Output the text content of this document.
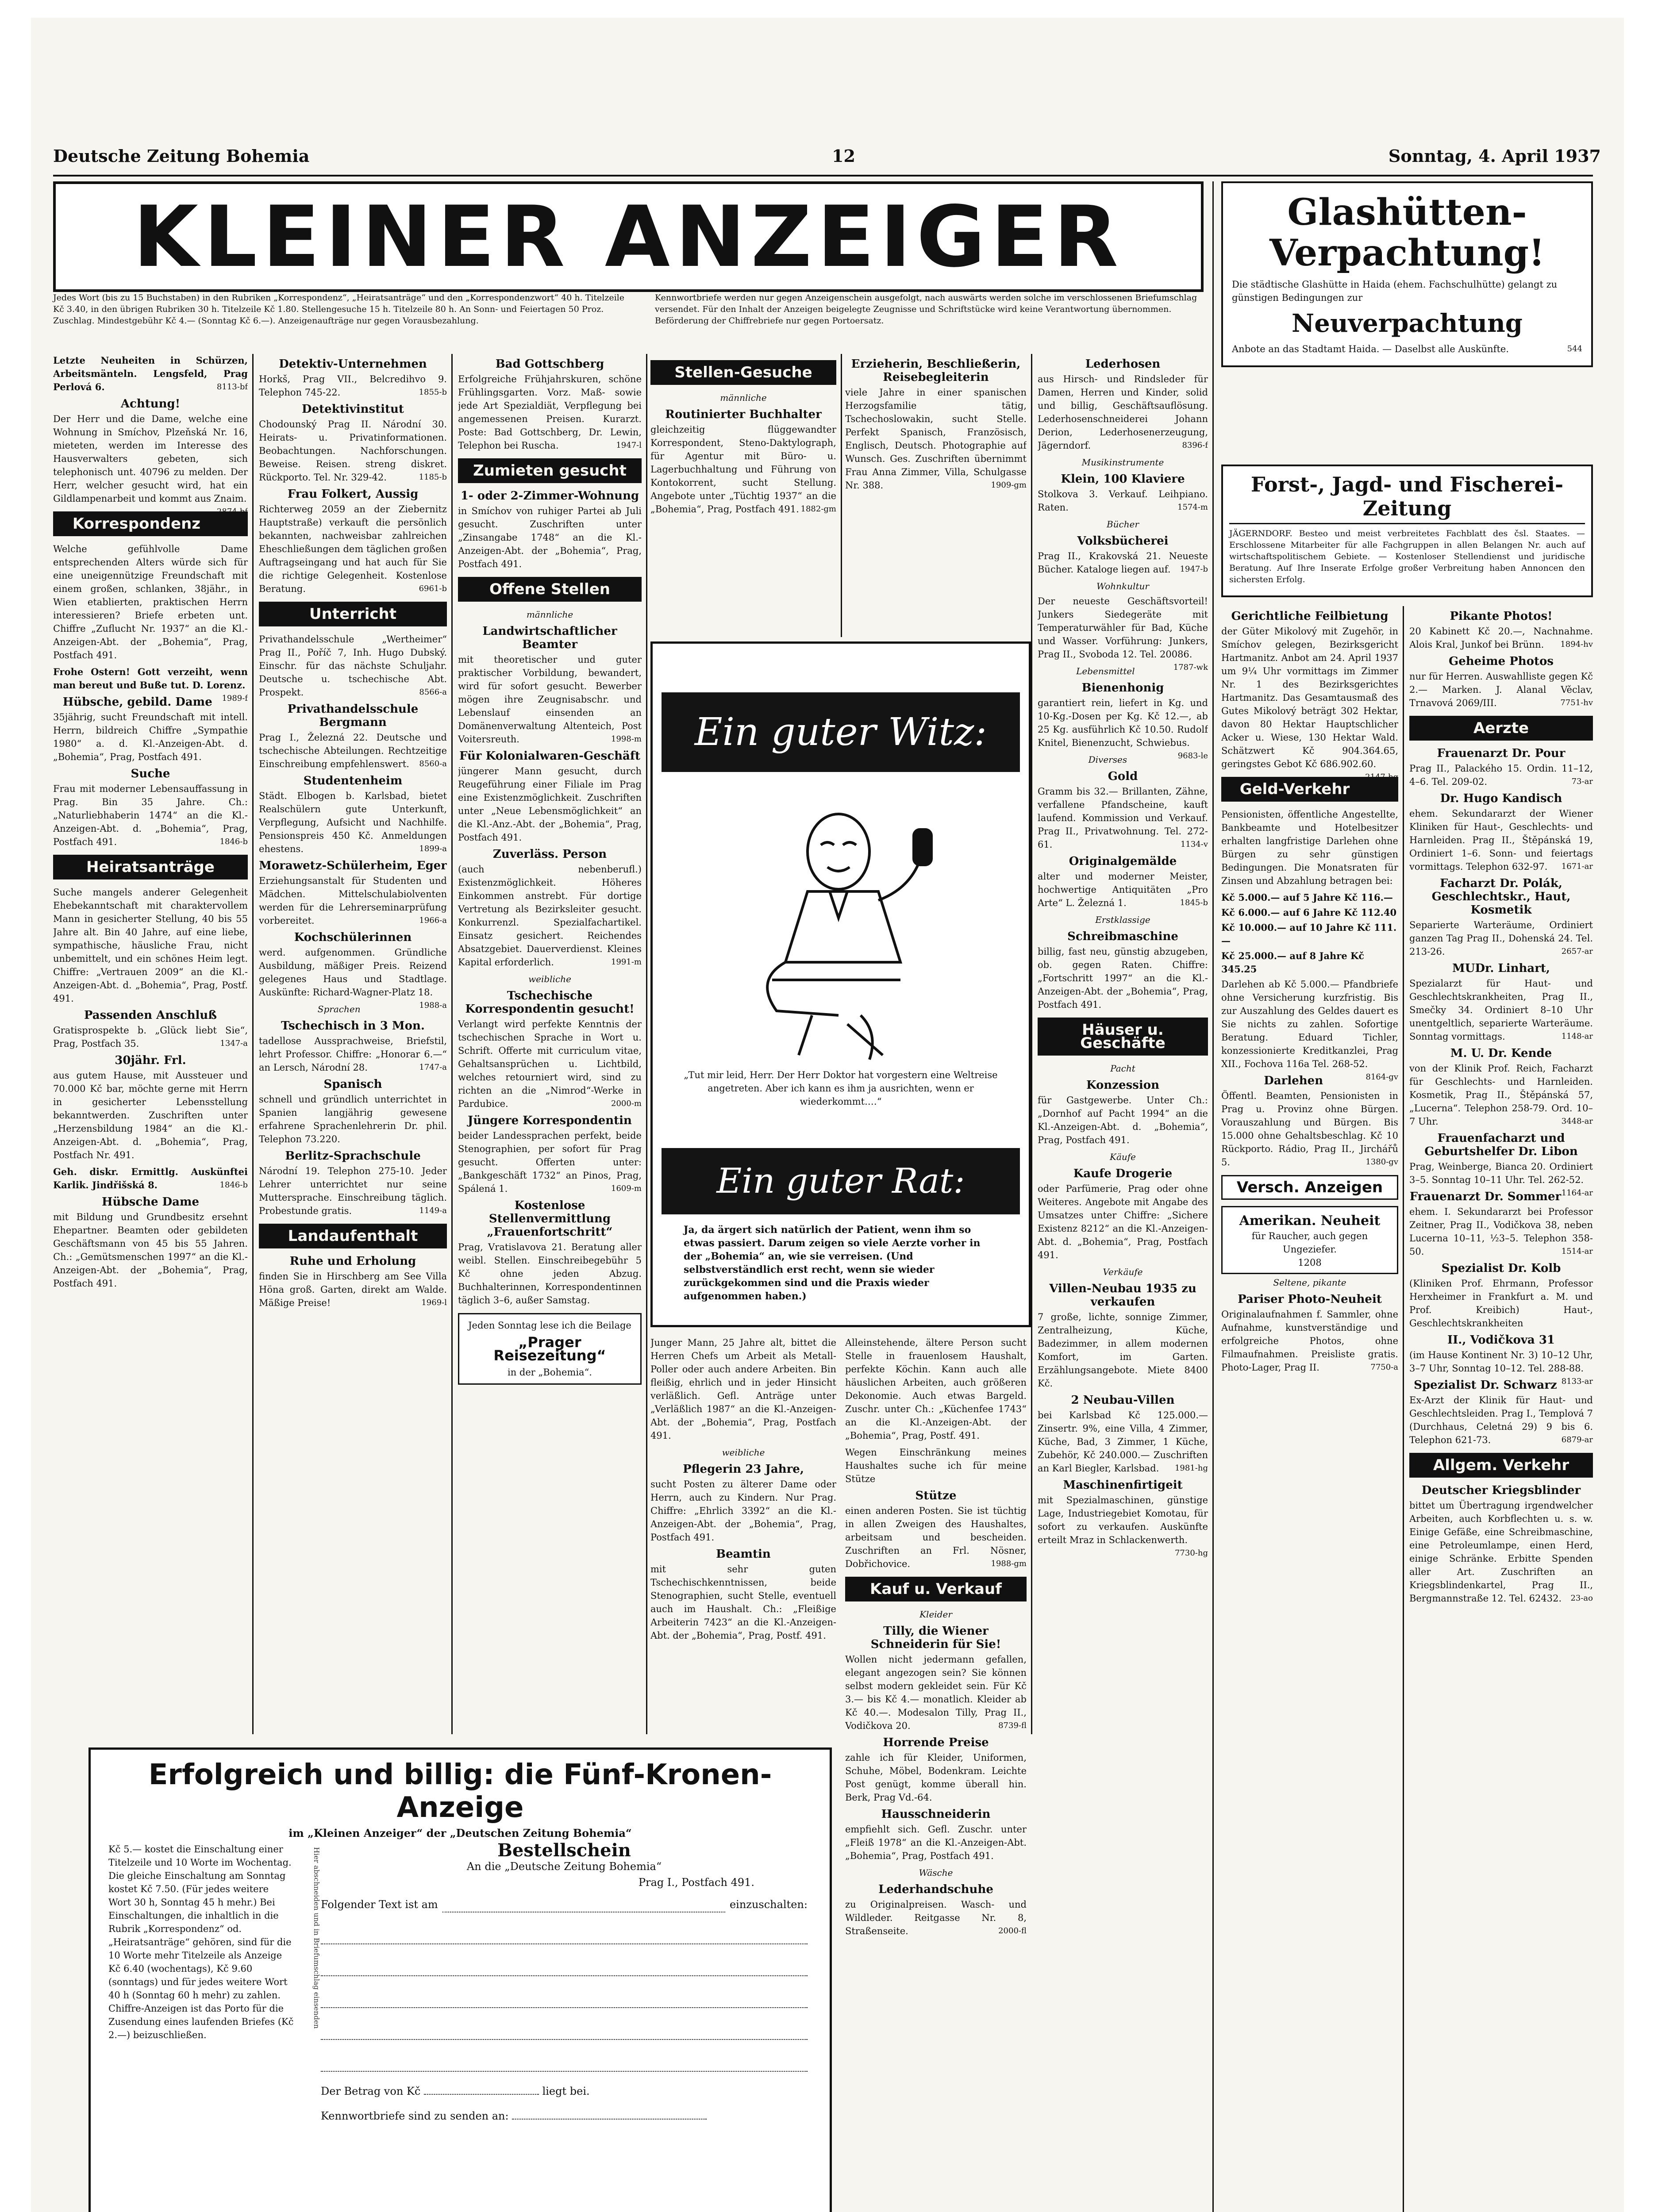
Deutsche Zeitung Bohemia	12	Sonntag, 4. April 1937
KLEINER ANZEIGER
Jedes Wort (bis zu 15 Buchstaben) in den Rubriken „Korrespondenz“, „Heiratsanträge“ und den „Korrespondenzwort“ 40 h. Titelzeile Kč 3.40, in den übrigen Rubriken 30 h. Titelzeile Kč 1.80. Stellengesuche 15 h. Titelzeile 80 h. An Sonn- und Feiertagen 50 Proz. Zuschlag. Mindestgebühr Kč 4.— (Sonntag Kč 6.—). Anzeigenaufträge nur gegen Vorausbezahlung.
Kennwortbriefe werden nur gegen Anzeigenschein ausgefolgt, nach auswärts werden solche im verschlossenen Briefumschlag versendet. Für den Inhalt der Anzeigen beigelegte Zeugnisse und Schriftstücke wird keine Verantwortung übernommen. Beförderung der Chiffrebriefe nur gegen Portoersatz.
Glashütten-Verpachtung!
Die städtische Glashütte in Haida (ehem. Fachschulhütte) gelangt zu günstigen Bedingungen zur
Neuverpachtung
Anbote an das Stadtamt Haida. — Daselbst alle Auskünfte.	544
Forst-, Jagd- und Fischerei-Zeitung
JÄGERNDORF. Besteo und meist verbreitetes Fachblatt des čsl. Staates. — Erschlossene Mitarbeiter für alle Fachgruppen in allen Belangen Nr. auch auf wirtschaftspolitischem Gebiete. — Kostenloser Stellendienst und juridische Beratung. Auf Ihre Inserate Erfolge großer Verbreitung haben Annoncen den sichersten Erfolg.

Letzte Neuheiten in Schürzen, Arbeitsmänteln. Lengsfeld, Prag Perlová 6.	8113-bf

Achtung!

Der Herr und die Dame, welche eine Wohnung in Smíchov, Plzeňská Nr. 16, mieteten, werden im Interesse des Hausverwalters gebeten, sich telephonisch unt. 40796 zu melden. Der Herr, welcher gesucht wird, hat ein Gildlampenarbeit und kommt aus Znaim.
2874-bf

Korrespondenz

Welche gefühlvolle Dame entsprechenden Alters würde sich für eine uneigennützige Freundschaft mit einem großen, schlanken, 38jähr., in Wien etablierten, praktischen Herrn interessieren? Briefe erbeten unt. Chiffre „Zuflucht Nr. 1937“ an die Kl.-Anzeigen-Abt. der „Bohemia“, Prag, Postfach 491.

Frohe Ostern! Gott verzeiht, wenn man bereut und Buße tut. D. Lorenz.
1989-f

Hübsche, gebild. Dame

35jährig, sucht Freundschaft mit intell. Herrn, bildreich Chiffre „Sympathie 1980“ a. d. Kl.-Anzeigen-Abt. d. „Bohemia“, Prag, Postfach 491.

Suche

Frau mit moderner Lebensauffassung in Prag. Bin 35 Jahre. Ch.: „Naturliebhaberin 1474“ an die Kl.-Anzeigen-Abt. d. „Bohemia“, Prag, Postfach 491.	1846-b

Heiratsanträge

Suche mangels anderer Gelegenheit Ehebekanntschaft mit charaktervollem Mann in gesicherter Stellung, 40 bis 55 Jahre alt. Bin 40 Jahre, auf eine liebe, sympathische, häusliche Frau, nicht unbemittelt, und ein schönes Heim legt. Chiffre: „Vertrauen 2009“ an die Kl.-Anzeigen-Abt. d. „Bohemia“, Prag, Postf. 491.

Passenden Anschluß

Gratisprospekte b. „Glück liebt Sie“, Prag, Postfach 35.	1347-a

30jähr. Frl.

aus gutem Hause, mit Aussteuer und 70.000 Kč bar, möchte gerne mit Herrn in gesicherter Lebensstellung bekanntwerden. Zuschriften unter „Herzensbildung 1984“ an die Kl.-Anzeigen-Abt. d. „Bohemia“, Prag, Postfach Nr. 491.

Geh. diskr. Ermittlg. Auskünftei Karlik. Jindřišská 8.	1846-b

Hübsche Dame

mit Bildung und Grundbesitz ersehnt Ehepartner. Beamten oder gebildeten Geschäftsmann von 45 bis 55 Jahren. Ch.: „Gemütsmenschen 1997“ an die Kl.-Anzeigen-Abt. der „Bohemia“, Prag, Postfach 491.

Detektiv-Unternehmen

Horkš, Prag VII., Belcredihvo 9. Telephon 745-22.	1855-b

Detektivinstitut

Chodounský Prag II. Národní 30. Heirats- u. Privatinformationen. Beobachtungen. Nachforschungen. Beweise. Reisen. streng diskret. Rückporto. Tel. Nr. 329-42.	1185-b

Frau Folkert, Aussig

Richterweg 2059 an der Ziebernitz Hauptstraße) verkauft die persönlich bekannten, nachweisbar zahlreichen Eheschließungen dem täglichen großen Auftragseingang und hat auch für Sie die richtige Gelegenheit. Kostenlose Beratung.	6961-b

Unterricht

Privathandelsschule „Wertheimer“ Prag II., Poříč 7, Inh. Hugo Dubský. Einschr. für das nächste Schuljahr. Deutsche u. tschechische Abt. Prospekt.	8566-a

Privathandelsschule Bergmann

Prag I., Železná 22. Deutsche und tschechische Abteilungen. Rechtzeitige Einschreibung empfehlenswert. 8560-a

Studentenheim

Städt. Elbogen b. Karlsbad, bietet Realschülern gute Unterkunft, Verpflegung, Aufsicht und Nachhilfe. Pensionspreis 450 Kč. Anmeldungen ehestens.	1899-a

Morawetz-Schülerheim, Eger

Erziehungsanstalt für Studenten und Mädchen. Mittelschulabiolventen werden für die Lehrerseminarprüfung vorbereitet.	1966-a

Kochschülerinnen

werd. aufgenommen. Gründliche Ausbildung, mäßiger Preis. Reizend gelegenes Haus und Stadtlage. Auskünfte: Richard-Wagner-Platz 18.
1988-a

Sprachen
Tschechisch in 3 Mon.

tadellose Aussprachweise, Briefstil, lehrt Professor. Chiffre: „Honorar 6.—“ an Lersch, Národní 28.	1747-a

Spanisch

schnell und gründlich unterrichtet in Spanien langjährig gewesene erfahrene Sprachenlehrerin Dr. phil. Telephon 73.220.

Berlitz-Sprachschule

Národní 19. Telephon 275-10. Jeder Lehrer unterrichtet nur seine Muttersprache. Einschreibung täglich. Probestunde gratis.	1149-a

Landaufenthalt
Ruhe und Erholung

finden Sie in Hirschberg am See Villa Höna groß. Garten, direkt am Walde. Mäßige Preise!	1969-l

Bad Gottschberg

Erfolgreiche Frühjahrskuren, schöne Frühlingsgarten. Vorz. Maß- sowie jede Art Spezialdiät, Verpflegung bei angemessenen Preisen. Kurarzt. Poste: Bad Gottschberg, Dr. Lewin, Telephon bei Ruscha.	1947-l

Zumieten gesucht
1- oder 2-Zimmer-Wohnung

in Smíchov von ruhiger Partei ab Juli gesucht. Zuschriften unter „Zinsangabe 1748“ an die Kl.-Anzeigen-Abt. der „Bohemia“, Prag, Postfach 491.

Offene Stellen
männliche
Landwirtschaftlicher Beamter

mit theoretischer und guter praktischer Vorbildung, bewandert, wird für sofort gesucht. Bewerber mögen ihre Zeugnisabschr. und Lebenslauf einsenden an Domänenverwaltung Altenteich, Post Voitersreuth.	1998-m

Für Kolonialwaren-Geschäft

jüngerer Mann gesucht, durch Reugeführung einer Filiale im Prag eine Existenzmöglichkeit. Zuschriften unter „Neue Lebensmöglichkeit“ an die Kl.-Anz.-Abt. der „Bohemia“, Prag, Postfach 491.

Zuverläss. Person

(auch nebenberufl.) Existenzmöglichkeit. Höheres Einkommen anstrebt. Für dortige Vertretung als Bezirksleiter gesucht. Konkurrenzl. Spezialfachartikel. Einsatz gesichert. Reichendes Absatzgebiet. Dauerverdienst. Kleines Kapital erforderlich.	1991-m

weibliche
Tschechische Korrespondentin gesucht!

Verlangt wird perfekte Kenntnis der tschechischen Sprache in Wort u. Schrift. Offerte mit curriculum vitae, Gehaltsansprüchen u. Lichtbild, welches retourniert wird, sind zu richten an die „Nimrod“-Werke in Pardubice.	2000-m

Jüngere Korrespondentin

beider Landessprachen perfekt, beide Stenographien, per sofort für Prag gesucht. Offerten unter: „Bankgeschäft 1732“ an Pinos, Prag, Spálená 1.	1609-m

Kostenlose Stellenvermittlung „Frauenfortschritt“

Prag, Vratislavova 21. Beratung aller weibl. Stellen. Einschreibegebühr 5 Kč ohne jeden Abzug. Buchhalterinnen, Korrespondentinnen täglich 3–6, außer Samstag.

Jeden Sonntag lese ich die Beilage
„Prager Reisezeitung“
in der „Bohemia“.
Stellen-Gesuche
männliche
Routinierter Buchhalter

gleichzeitig flüggewandter Korrespondent, Steno-Daktylograph, für Agentur mit Büro- u. Lagerbuchhaltung und Führung von Kontokorrent, sucht Stellung. Angebote unter „Tüchtig 1937“ an die „Bohemia“, Prag, Postfach 491. 1882-gm

Erzieherin, Beschließerin, Reisebegleiterin

viele Jahre in einer spanischen Herzogsfamilie tätig, Tschechoslowakin, sucht Stelle. Perfekt Spanisch, Französisch, Englisch, Deutsch. Photographie auf Wunsch. Ges. Zuschriften übernimmt Frau Anna Zimmer, Villa, Schulgasse Nr. 388.	1909-gm

Ein guter Witz:
„Tut mir leid, Herr. Der Herr Doktor hat vorgestern eine Weltreise angetreten. Aber ich kann es ihm ja ausrichten, wenn er wiederkommt.…“
Ein guter Rat:
Ja, da ärgert sich natürlich der Patient, wenn ihm so etwas passiert. Darum zeigen so viele Aerzte vorher in der „Bohemia“ an, wie sie verreisen. (Und selbstverständlich erst recht, wenn sie wieder zurückgekommen sind und die Praxis wieder aufgenommen haben.)

Junger Mann, 25 Jahre alt, bittet die Herren Chefs um Arbeit als Metall-Poller oder auch andere Arbeiten. Bin fleißig, ehrlich und in jeder Hinsicht verläßlich. Gefl. Anträge unter „Verläßlich 1987“ an die Kl.-Anzeigen-Abt. der „Bohemia“, Prag, Postfach 491.

weibliche
Pflegerin 23 Jahre,

sucht Posten zu älterer Dame oder Herrn, auch zu Kindern. Nur Prag. Chiffre: „Ehrlich 3392“ an die Kl.-Anzeigen-Abt. der „Bohemia“, Prag, Postfach 491.

Beamtin

mit sehr guten Tschechischkenntnissen, beide Stenographien, sucht Stelle, eventuell auch im Haushalt. Ch.: „Fleißige Arbeiterin 7423“ an die Kl.-Anzeigen-Abt. der „Bohemia“, Prag, Postf. 491.

Alleinstehende, ältere Person sucht Stelle in frauenlosem Haushalt, perfekte Köchin. Kann auch alle häuslichen Arbeiten, auch größeren Dekonomie. Auch etwas Bargeld. Zuschr. unter Ch.: „Küchenfee 1743“ an die Kl.-Anzeigen-Abt. der „Bohemia“, Prag, Postf. 491.

Wegen Einschränkung meines Haushaltes suche ich für meine Stütze

Stütze

einen anderen Posten. Sie ist tüchtig in allen Zweigen des Haushaltes, arbeitsam und bescheiden. Zuschriften an Frl. Nösner, Dobřichovice.	1988-gm

Kauf u. Verkauf
Kleider
Tilly, die Wiener Schneiderin für Sie!

Wollen nicht jedermann gefallen, elegant angezogen sein? Sie können selbst modern gekleidet sein. Für Kč 3.— bis Kč 4.— monatlich. Kleider ab Kč 40.—. Modesalon Tilly, Prag II., Vodičkova 20.	8739-fl

Horrende Preise

zahle ich für Kleider, Uniformen, Schuhe, Möbel, Bodenkram. Leichte Post genügt, komme überall hin. Berk, Prag Vd.-64.

Hausschneiderin

empfiehlt sich. Gefl. Zuschr. unter „Fleiß 1978“ an die Kl.-Anzeigen-Abt. „Bohemia“, Prag, Postfach 491.

Wäsche
Lederhandschuhe

zu Originalpreisen. Wasch- und Wildleder. Reitgasse Nr. 8, Straßenseite.	2000-fl

Lederhosen

aus Hirsch- und Rindsleder für Damen, Herren und Kinder, solid und billig, Geschäftsauflösung. Lederhosenschneiderei Johann Derion, Lederhosenerzeugung, Jägerndorf.	8396-f

Musikinstrumente
Klein, 100 Klaviere

Stolkova 3. Verkauf. Leihpiano. Raten.	1574-m

Bücher
Volksbücherei

Prag II., Krakovská 21. Neueste Bücher. Kataloge liegen auf. 1947-b

Wohnkultur

Der neueste Geschäftsvorteil! Junkers Siedegeräte mit Temperaturwähler für Bad, Küche und Wasser. Vorführung: Junkers, Prag II., Svoboda 12. Tel. 20086.
1787-wk

Lebensmittel
Bienenhonig

garantiert rein, liefert in Kg. und 10-Kg.-Dosen per Kg. Kč 12.—, ab 25 Kg. ausführlich Kč 10.50. Rudolf Knitel, Bienenzucht, Schwiebus.
9683-le

Diverses
Gold

Gramm bis 32.— Brillanten, Zähne, verfallene Pfandscheine, kauft laufend. Kommission und Verkauf. Prag II., Privatwohnung. Tel. 272-61.	1134-v

Originalgemälde

alter und moderner Meister, hochwertige Antiquitäten „Pro Arte“ L. Železná 1.	1845-b

Erstklassige
Schreibmaschine

billig, fast neu, günstig abzugeben, ob. gegen Raten. Chiffre: „Fortschritt 1997“ an die Kl.-Anzeigen-Abt. der „Bohemia“, Prag, Postfach 491.

Häuser u. Geschäfte
Pacht
Konzession

für Gastgewerbe. Unter Ch.: „Dornhof auf Pacht 1994“ an die Kl.-Anzeigen-Abt. d. „Bohemia“, Prag, Postfach 491.

Käufe
Kaufe Drogerie

oder Parfümerie, Prag oder ohne Weiteres. Angebote mit Angabe des Umsatzes unter Chiffre: „Sichere Existenz 8212“ an die Kl.-Anzeigen-Abt. d. „Bohemia“, Prag, Postfach 491.

Verkäufe
Villen-Neubau 1935 zu verkaufen

7 große, lichte, sonnige Zimmer, Zentralheizung, Küche, Badezimmer, in allem modernen Komfort, im Garten. Erzählungsangebote. Miete 8400 Kč.

2 Neubau-Villen

bei Karlsbad Kč 125.000.— Zinsertr. 9%, eine Villa, 4 Zimmer, Küche, Bad, 3 Zimmer, 1 Küche, Zubehör, Kč 240.000.— Zuschriften an Karl Biegler, Karlsbad. 1981-hg

Maschinenfirtigeit

mit Spezialmaschinen, günstige Lage, Industriegebiet Komotau, für sofort zu verkaufen. Auskünfte erteilt Mraz in Schlackenwerth.
7730-hg

Gerichtliche Feilbietung

der Güter Mikolový mit Zugehör, in Smíchov gelegen, Bezirksgericht Hartmanitz. Anbot am 24. April 1937 um 9¼ Uhr vormittags im Zimmer Nr. 1 des Bezirksgerichtes Hartmanitz. Das Gesamtausmaß des Gutes Mikolový beträgt 302 Hektar, davon 80 Hektar Hauptschlicher Acker u. Wiese, 130 Hektar Wald. Schätzwert Kč 904.364.65, geringstes Gebot Kč 686.902.60.
2147-bg

Geld-Verkehr

Pensionisten, öffentliche Angestellte, Bankbeamte und Hotelbesitzer erhalten langfristige Darlehen ohne Bürgen zu sehr günstigen Bedingungen. Die Monatsraten für Zinsen und Abzahlung betragen bei:

Kč 5.000.— auf 5 Jahre Kč 116.—
Kč 6.000.— auf 6 Jahre Kč 112.40
Kč 10.000.— auf 10 Jahre Kč 111.—
Kč 25.000.— auf 8 Jahre Kč 345.25

Darlehen ab Kč 5.000.— Pfandbriefe ohne Versicherung kurzfristig. Bis zur Auszahlung des Geldes dauert es Sie nichts zu zahlen. Sofortige Beratung. Eduard Tichler, konzessionierte Kreditkanzlei, Prag XII., Fochova 116a Tel. 268-52.
8164-gv

Darlehen

Öffentl. Beamten, Pensionisten in Prag u. Provinz ohne Bürgen. Vorauszahlung und Bürgen. Bis 15.000 ohne Gehaltsbeschlag. Kč 10 Rückporto. Rádio, Prag II., Jirchářů 5.	1380-gv

Versch. Anzeigen
Amerikan. Neuheit
für Raucher, auch gegen Ungeziefer.
1208
Seltene, pikante
Pariser Photo-Neuheit

Originalaufnahmen f. Sammler, ohne Aufnahme, kunstverständige und erfolgreiche Photos, ohne Filmaufnahmen. Preisliste gratis. Photo-Lager, Prag II.	7750-a

Pikante Photos!

20 Kabinett Kč 20.—, Nachnahme. Alois Kral, Junkof bei Brünn. 1894-hv

Geheime Photos

nur für Herren. Auswahlliste gegen Kč 2.— Marken. J. Alanal Věclav, Trnavová 2069/III.	7751-hv

Aerzte
Frauenarzt Dr. Pour

Prag II., Palackého 15. Ordin. 11–12, 4–6. Tel. 209-02.	73-ar

Dr. Hugo Kandisch

ehem. Sekundararzt der Wiener Kliniken für Haut-, Geschlechts- und Harnleiden. Prag II., Štěpánská 19, Ordiniert 1–6. Sonn- und feiertags vormittags. Telephon 632-97. 1671-ar

Facharzt Dr. Polák, Geschlechtskr., Haut, Kosmetik

Separierte Warteräume, Ordiniert ganzen Tag Prag II., Dohenská 24. Tel. 213-26.	2657-ar

MUDr. Linhart,

Spezialarzt für Haut- und Geschlechtskrankheiten, Prag II., Smečky 34. Ordiniert 8–10 Uhr unentgeltlich, separierte Warteräume. Sonntag vormittags.	1148-ar

M. U. Dr. Kende

von der Klinik Prof. Reich, Facharzt für Geschlechts- und Harnleiden. Kosmetik, Prag II., Štěpánská 57, „Lucerna“. Telephon 258-79. Ord. 10–7 Uhr.	3448-ar

Frauenfacharzt und Geburtshelfer Dr. Libon

Prag, Weinberge, Bianca 20. Ordiniert 3–5. Sonntag 10–11 Uhr. Tel. 262-52.
1164-ar

Frauenarzt Dr. Sommer

ehem. I. Sekundararzt bei Professor Zeitner, Prag II., Vodičkova 38, neben Lucerna 10–11, ½3–5. Telephon 358-50.	1514-ar

Spezialist Dr. Kolb

(Kliniken Prof. Ehrmann, Professor Herxheimer in Frankfurt a. M. und Prof. Kreibich) Haut-, Geschlechtskrankheiten

II., Vodičkova 31

(im Hause Kontinent Nr. 3) 10–12 Uhr, 3–7 Uhr, Sonntag 10–12. Tel. 288-88.
8133-ar

Spezialist Dr. Schwarz

Ex-Arzt der Klinik für Haut- und Geschlechtsleiden. Prag I., Templová 7 (Durchhaus, Celetná 29) 9 bis 6. Telephon 621-73.	6879-ar

Allgem. Verkehr
Deutscher Kriegsblinder

bittet um Übertragung irgendwelcher Arbeiten, auch Korbflechten u. s. w. Einige Gefäße, eine Schreibmaschine, eine Petroleumlampe, einen Herd, einige Schränke. Erbitte Spenden aller Art. Zuschriften an Kriegsblindenkartel, Prag II., Bergmannstraße 12. Tel. 62432. 23-ao

Erfolgreich und billig: die Fünf-Kronen-Anzeige
im „Kleinen Anzeiger“ der „Deutschen Zeitung Bohemia“
Kč 5.— kostet die Einschaltung einer Titelzeile und 10 Worte im Wochentag. Die gleiche Einschaltung am Sonntag kostet Kč 7.50. (Für jedes weitere Wort 30 h, Sonntag 45 h mehr.) Bei Einschaltungen, die inhaltlich in die Rubrik „Korrespondenz“ od. „Heiratsanträge“ gehören, sind für die 10 Worte mehr Titelzeile als Anzeige Kč 6.40 (wochentags), Kč 9.60 (sonntags) und für jedes weitere Wort 40 h (Sonntag 60 h mehr) zu zahlen. Chiffre-Anzeigen ist das Porto für die Zusendung eines laufenden Briefes (Kč 2.—) beizuschließen.
Hier abschneiden und in Briefumschlag einsenden	Bestellschein
An die „Deutsche Zeitung Bohemia“
Prag I., Postfach 491.
Folgender Text ist am	einzuschalten:
Der Betrag von Kč	liegt bei.
Kennwortbriefe sind zu senden an:
